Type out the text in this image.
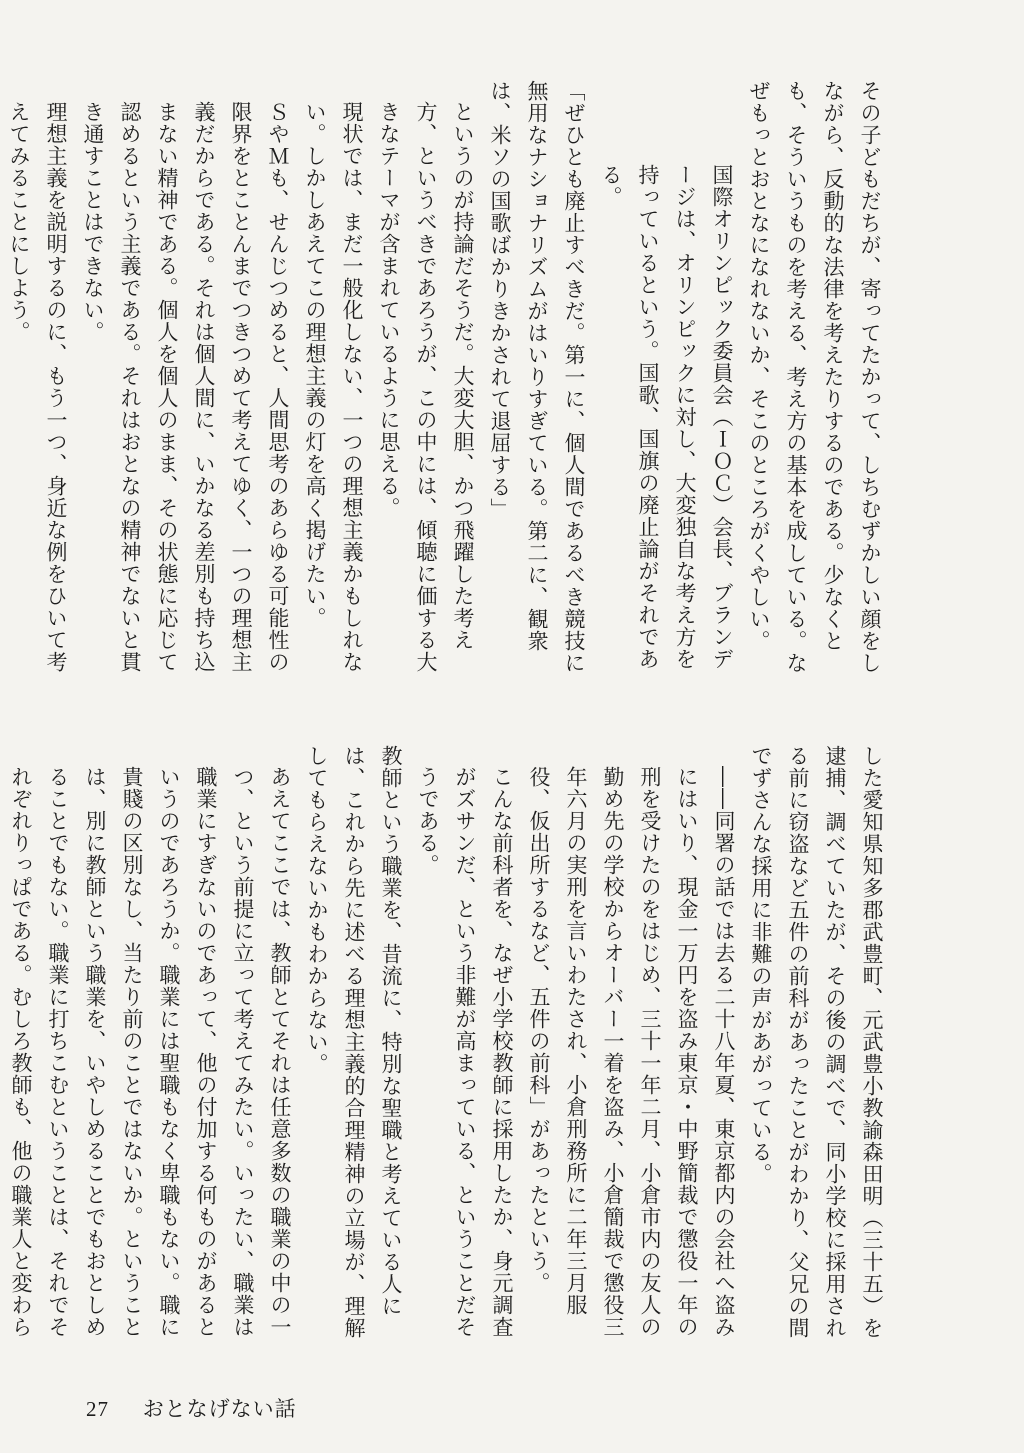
その子どもだちが、寄ってたかって、しちむずかしい顔をしながら、反動的な法律を考えたりするのである。少なくとも、そういうものを考える、考え方の基本を成している。なぜもっとおとなになれないか、そこのところがくやしい。

国際オリンピック委員会（ＩＯＣ）会長、ブランデージは、オリンピックに対し、大変独自な考え方を持っているという。国歌、国旗の廃止論がそれである。

「ぜひとも廃止すべきだ。第一に、個人間であるべき競技に無用なナショナリズムがはいりすぎている。第二に、観衆は、米ソの国歌ばかりきかされて退屈する」

というのが持論だそうだ。大変大胆、かつ飛躍した考え方、というべきであろうが、この中には、傾聴に価する大きなテーマが含まれているように思える。

現状では、まだ一般化しない、一つの理想主義かもしれない。しかしあえてこの理想主義の灯を高く掲げたい。

ＳやＭも、せんじつめると、人間思考のあらゆる可能性の限界をとことんまでつきつめて考えてゆく、一つの理想主義だからである。それは個人間に、いかなる差別も持ち込まない精神である。個人を個人のまま、その状態に応じて認めるという主義である。それはおとなの精神でないと貫き通すことはできない。

理想主義を説明するのに、もう一つ、身近な例をひいて考えてみることにしよう。

した愛知県知多郡武豊町、元武豊小教諭森田明（三十五）を逮捕、調べていたが、その後の調べで、同小学校に採用される前に窃盗など五件の前科があったことがわかり、父兄の間でずさんな採用に非難の声があがっている。

――同署の話では去る二十八年夏、東京都内の会社へ盗みにはいり、現金一万円を盗み東京・中野簡裁で懲役一年の刑を受けたのをはじめ、三十一年二月、小倉市内の友人の勤め先の学校からオーバー一着を盗み、小倉簡裁で懲役三年六月の実刑を言いわたされ、小倉刑務所に二年三月服役、仮出所するなど、五件の前科」があったという。

こんな前科者を、なぜ小学校教師に採用したか、身元調査がズサンだ、という非難が高まっている、ということだそうである。

教師という職業を、昔流に、特別な聖職と考えている人には、これから先に述べる理想主義的合理精神の立場が、理解してもらえないかもわからない。

あえてここでは、教師とてそれは任意多数の職業の中の一つ、という前提に立って考えてみたい。いったい、職業は職業にすぎないのであって、他の付加する何ものがあるというのであろうか。職業には聖職もなく卑職もない。職に貴賤の区別なし、当たり前のことではないか。ということは、別に教師という職業を、いやしめることでもおとしめることでもない。職業に打ちこむということは、それでそれぞれりっぱである。むしろ教師も、他の職業人と変わら

27 おとなげない話
